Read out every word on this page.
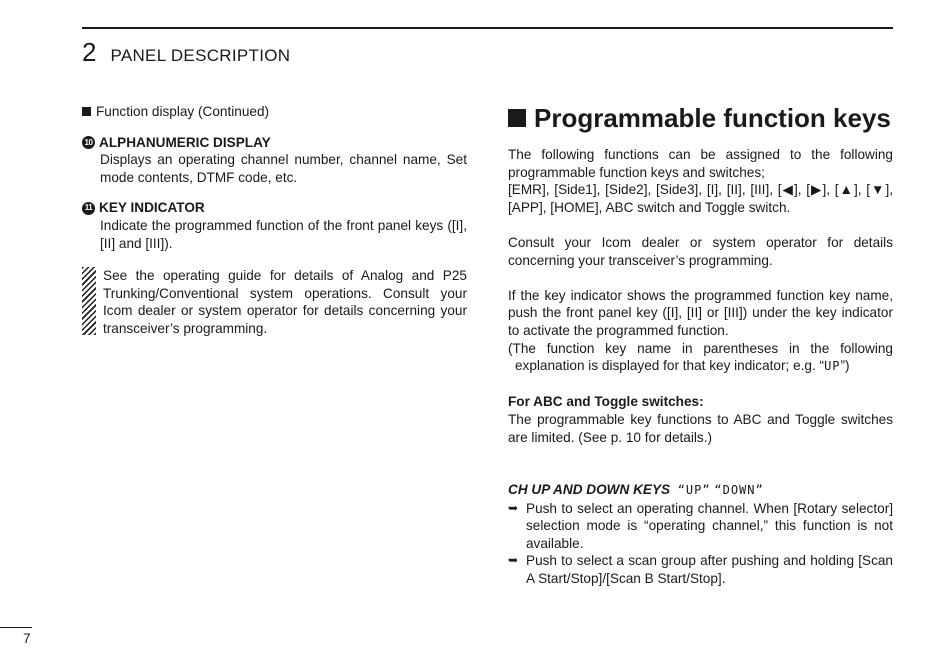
2 PANEL DESCRIPTION

Function display (Continued)

10 ALPHANUMERIC DISPLAY

Displays an operating channel number, channel name, Set mode contents, DTMF code, etc.

11 KEY INDICATOR

Indicate the programmed function of the front panel keys ([I], [II] and [III]).

See the operating guide for details of Analog and P25 Trunking/Conventional system operations. Consult your Icom dealer or system operator for details concerning your transceiver’s programming.

Programmable function keys

The following functions can be assigned to the following programmable function keys and switches;

[EMR], [Side1], [Side2], [Side3], [I], [II], [III], [◀], [▶], [▲], [▼], [APP], [HOME], ABC switch and Toggle switch.

Consult your Icom dealer or system operator for details concerning your transceiver’s programming.

If the key indicator shows the programmed function key name, push the front panel key ([I], [II] or [III]) under the key indicator to activate the programmed function.

(The function key name in parentheses in the following explanation is displayed for that key indicator; e.g. “UP”)

For ABC and Toggle switches:

The programmable key functions to ABC and Toggle switches are limited. (See p. 10 for details.)

CH UP AND DOWN KEYS “UP” “DOWN”
➥ Push to select an operating channel. When [Rotary selector] selection mode is “operating channel,” this function is not available.
➥ Push to select a scan group after pushing and holding [Scan A Start/Stop]/[Scan B Start/Stop].
7
